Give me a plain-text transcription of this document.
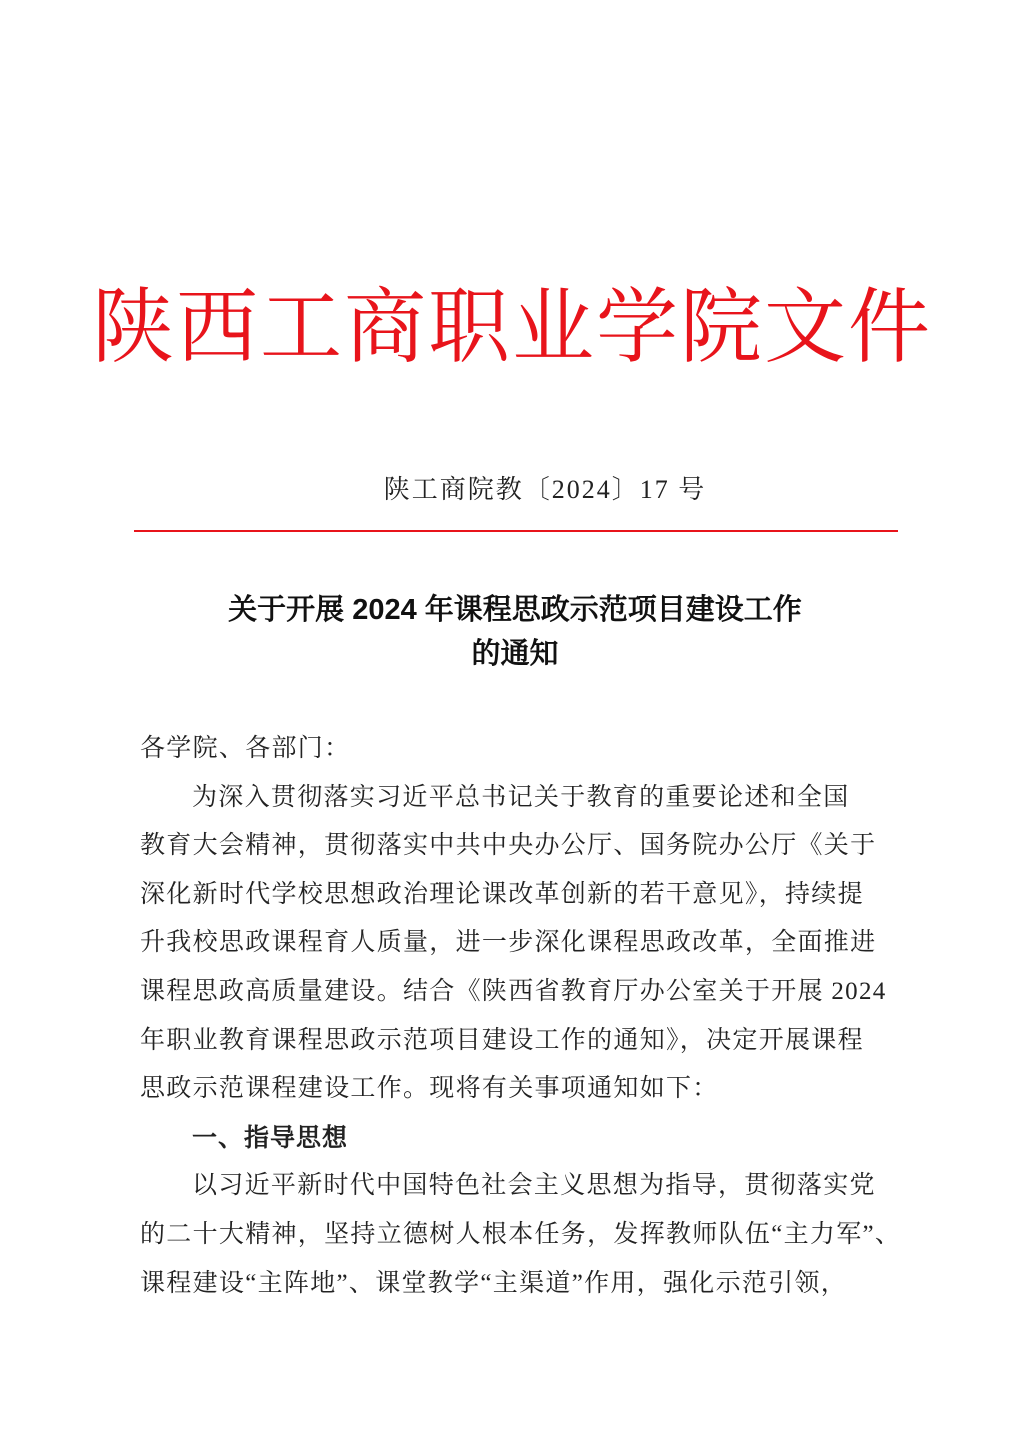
陕西工商职业学院文件
陕工商院教〔2024〕17 号
关于开展 2024 年课程思政示范项目建设工作
的通知
各学院、各部门：
为深入贯彻落实习近平总书记关于教育的重要论述和全国
教育大会精神，贯彻落实中共中央办公厅、国务院办公厅《关于
深化新时代学校思想政治理论课改革创新的若干意见》，持续提
升我校思政课程育人质量，进一步深化课程思政改革，全面推进
课程思政高质量建设。结合《陕西省教育厅办公室关于开展 2024
年职业教育课程思政示范项目建设工作的通知》，决定开展课程
思政示范课程建设工作。现将有关事项通知如下：
一、指导思想
以习近平新时代中国特色社会主义思想为指导，贯彻落实党
的二十大精神，坚持立德树人根本任务，发挥教师队伍“主力军”、
课程建设“主阵地”、课堂教学“主渠道”作用，强化示范引领，
